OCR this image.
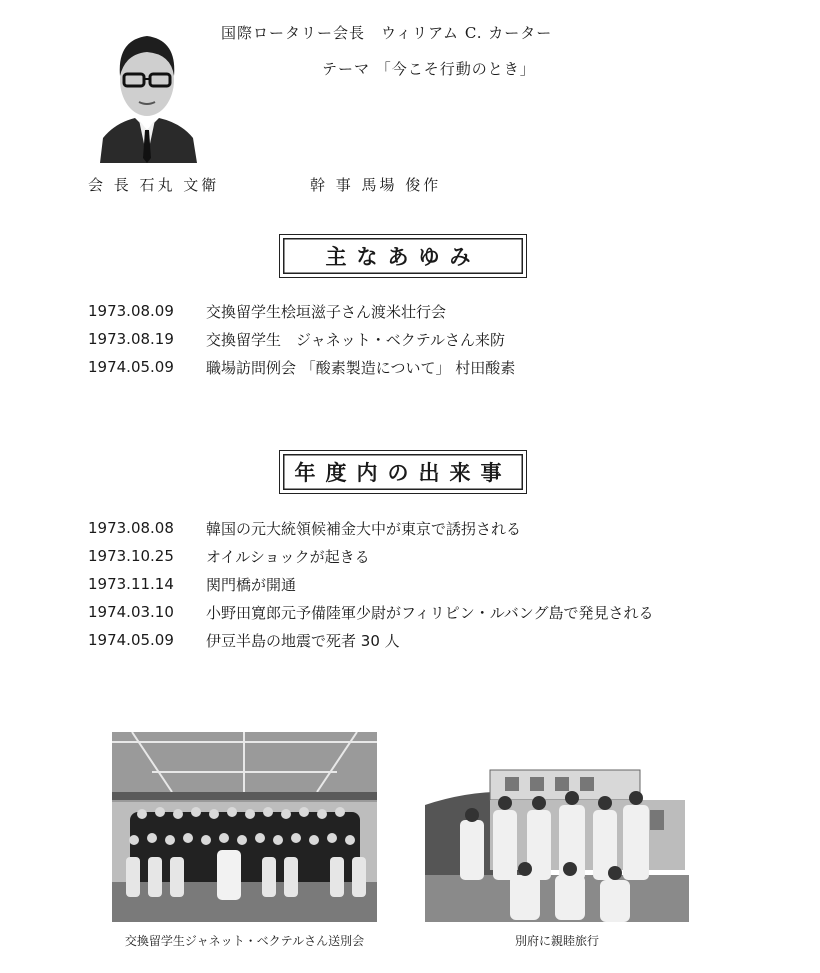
国際ロータリー会長　ウィリアム C. カーター
テーマ 「今こそ行動のとき」
会 長 石丸 文衛	幹 事 馬場 俊作
主なあゆみ
1973.08.09	交換留学生桧垣滋子さん渡米壮行会
1973.08.19	交換留学生　ジャネット・ベクテルさん来防
1974.05.09	職場訪問例会 「酸素製造について」 村田酸素
年度内の出来事
1973.08.08	韓国の元大統領候補金大中が東京で誘拐される
1973.10.25	オイルショックが起きる
1973.11.14	関門橋が開通
1974.03.10	小野田寛郎元予備陸軍少尉がフィリピン・ルバング島で発見される
1974.05.09	伊豆半島の地震で死者 30 人
交換留学生ジャネット・ベクテルさん送別会	別府に親睦旅行
